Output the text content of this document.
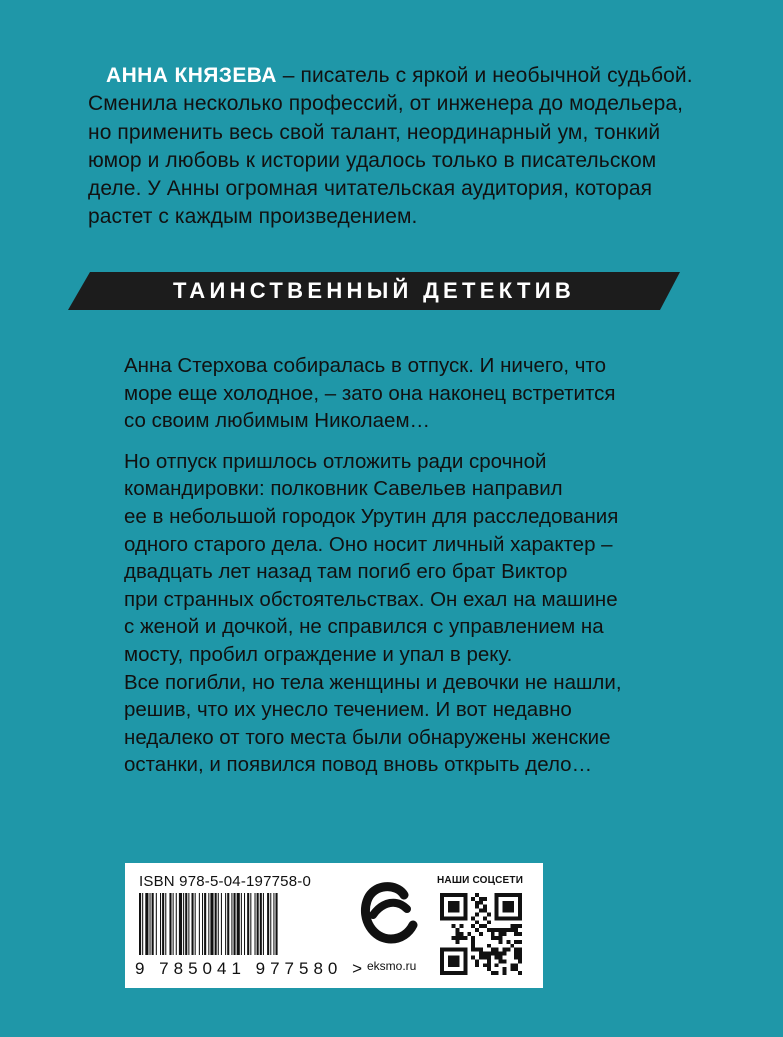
АННА КНЯЗЕВА – писатель с яркой и необычной судьбой.
Сменила несколько профессий, от инженера до модельера,
но применить весь свой талант, неординарный ум, тонкий
юмор и любовь к истории удалось только в писательском
деле. У Анны огромная читательская аудитория, которая
растет с каждым произведением.
ТАИНСТВЕННЫЙ ДЕТЕКТИВ

Анна Стерхова собиралась в отпуск. И ничего, что
море еще холодное, – зато она наконец встретится
со своим любимым Николаем…

Но отпуск пришлось отложить ради срочной
командировки: полковник Савельев направил
ее в небольшой городок Урутин для расследования
одного старого дела. Оно носит личный характер –
двадцать лет назад там погиб его брат Виктор
при странных обстоятельствах. Он ехал на машине
с женой и дочкой, не справился с управлением на
мосту, пробил ограждение и упал в реку.
Все погибли, но тела женщины и девочки не нашли,
решив, что их унесло течением. И вот недавно
недалеко от того места были обнаружены женские
останки, и появился повод вновь открыть дело…

ISBN 978-5-04-197758-0
9 785041 977580 > eksmo.ru
НАШИ СОЦСЕТИ
